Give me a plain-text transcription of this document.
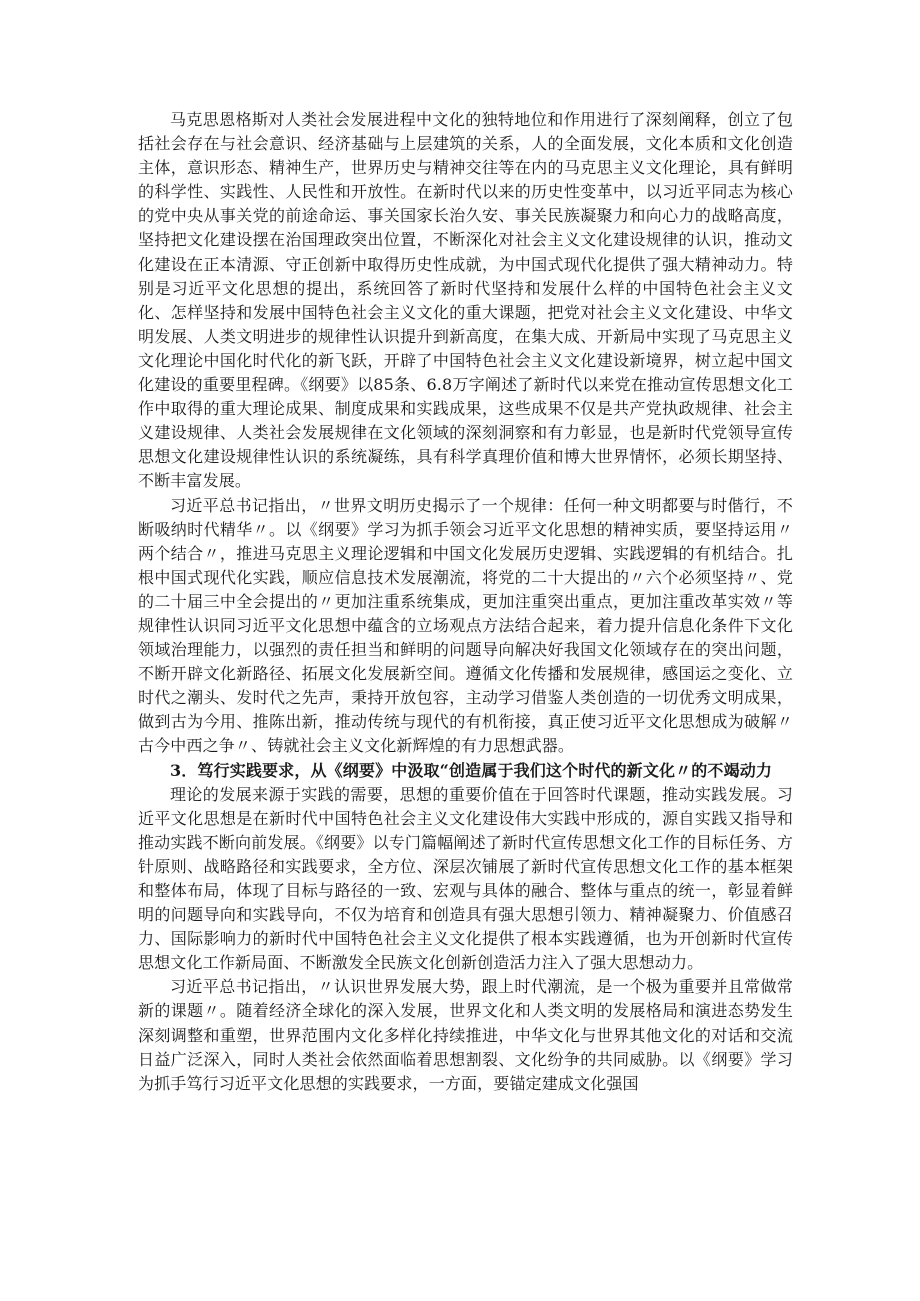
马克思恩格斯对人类社会发展进程中文化的独特地位和作用进行了深刻阐释，创立了包括社会存在与社会意识、经济基础与上层建筑的关系，人的全面发展，文化本质和文化创造主体，意识形态、精神生产，世界历史与精神交往等在内的马克思主义文化理论，具有鲜明的科学性、实践性、人民性和开放性。在新时代以来的历史性变革中，以习近平同志为核心的党中央从事关党的前途命运、事关国家长治久安、事关民族凝聚力和向心力的战略高度，坚持把文化建设摆在治国理政突出位置，不断深化对社会主义文化建设规律的认识，推动文化建设在正本清源、守正创新中取得历史性成就，为中国式现代化提供了强大精神动力。特别是习近平文化思想的提出，系统回答了新时代坚持和发展什么样的中国特色社会主义文化、怎样坚持和发展中国特色社会主义文化的重大课题，把党对社会主义文化建设、中华文明发展、人类文明进步的规律性认识提升到新高度，在集大成、开新局中实现了马克思主义文化理论中国化时代化的新飞跃，开辟了中国特色社会主义文化建设新境界，树立起中国文化建设的重要里程碑。《纲要》以85条、6.8万字阐述了新时代以来党在推动宣传思想文化工作中取得的重大理论成果、制度成果和实践成果，这些成果不仅是共产党执政规律、社会主义建设规律、人类社会发展规律在文化领域的深刻洞察和有力彰显，也是新时代党领导宣传思想文化建设规律性认识的系统凝练，具有科学真理价值和博大世界情怀，必须长期坚持、不断丰富发展。

习近平总书记指出，〃世界文明历史揭示了一个规律：任何一种文明都要与时偕行，不断吸纳时代精华〃。以《纲要》学习为抓手领会习近平文化思想的精神实质，要坚持运用〃两个结合〃，推进马克思主义理论逻辑和中国文化发展历史逻辑、实践逻辑的有机结合。扎根中国式现代化实践，顺应信息技术发展潮流，将党的二十大提出的〃六个必须坚持〃、党的二十届三中全会提出的〃更加注重系统集成，更加注重突出重点，更加注重改革实效〃等规律性认识同习近平文化思想中蕴含的立场观点方法结合起来，着力提升信息化条件下文化领域治理能力，以强烈的责任担当和鲜明的问题导向解决好我国文化领域存在的突出问题，不断开辟文化新路径、拓展文化发展新空间。遵循文化传播和发展规律，感国运之变化、立时代之潮头、发时代之先声，秉持开放包容，主动学习借鉴人类创造的一切优秀文明成果，做到古为今用、推陈出新，推动传统与现代的有机衔接，真正使习近平文化思想成为破解〃古今中西之争〃、铸就社会主义文化新辉煌的有力思想武器。

3．笃行实践要求，从《纲要》中汲取“创造属于我们这个时代的新文化〃的不竭动力

理论的发展来源于实践的需要，思想的重要价值在于回答时代课题，推动实践发展。习近平文化思想是在新时代中国特色社会主义文化建设伟大实践中形成的，源自实践又指导和推动实践不断向前发展。《纲要》以专门篇幅阐述了新时代宣传思想文化工作的目标任务、方针原则、战略路径和实践要求，全方位、深层次铺展了新时代宣传思想文化工作的基本框架和整体布局，体现了目标与路径的一致、宏观与具体的融合、整体与重点的统一，彰显着鲜明的问题导向和实践导向，不仅为培育和创造具有强大思想引领力、精神凝聚力、价值感召力、国际影响力的新时代中国特色社会主义文化提供了根本实践遵循，也为开创新时代宣传思想文化工作新局面、不断激发全民族文化创新创造活力注入了强大思想动力。

习近平总书记指出，〃认识世界发展大势，跟上时代潮流，是一个极为重要并且常做常新的课题〃。随着经济全球化的深入发展，世界文化和人类文明的发展格局和演进态势发生深刻调整和重塑，世界范围内文化多样化持续推进，中华文化与世界其他文化的对话和交流日益广泛深入，同时人类社会依然面临着思想割裂、文化纷争的共同威胁。以《纲要》学习为抓手笃行习近平文化思想的实践要求，一方面，要锚定建成文化强国
